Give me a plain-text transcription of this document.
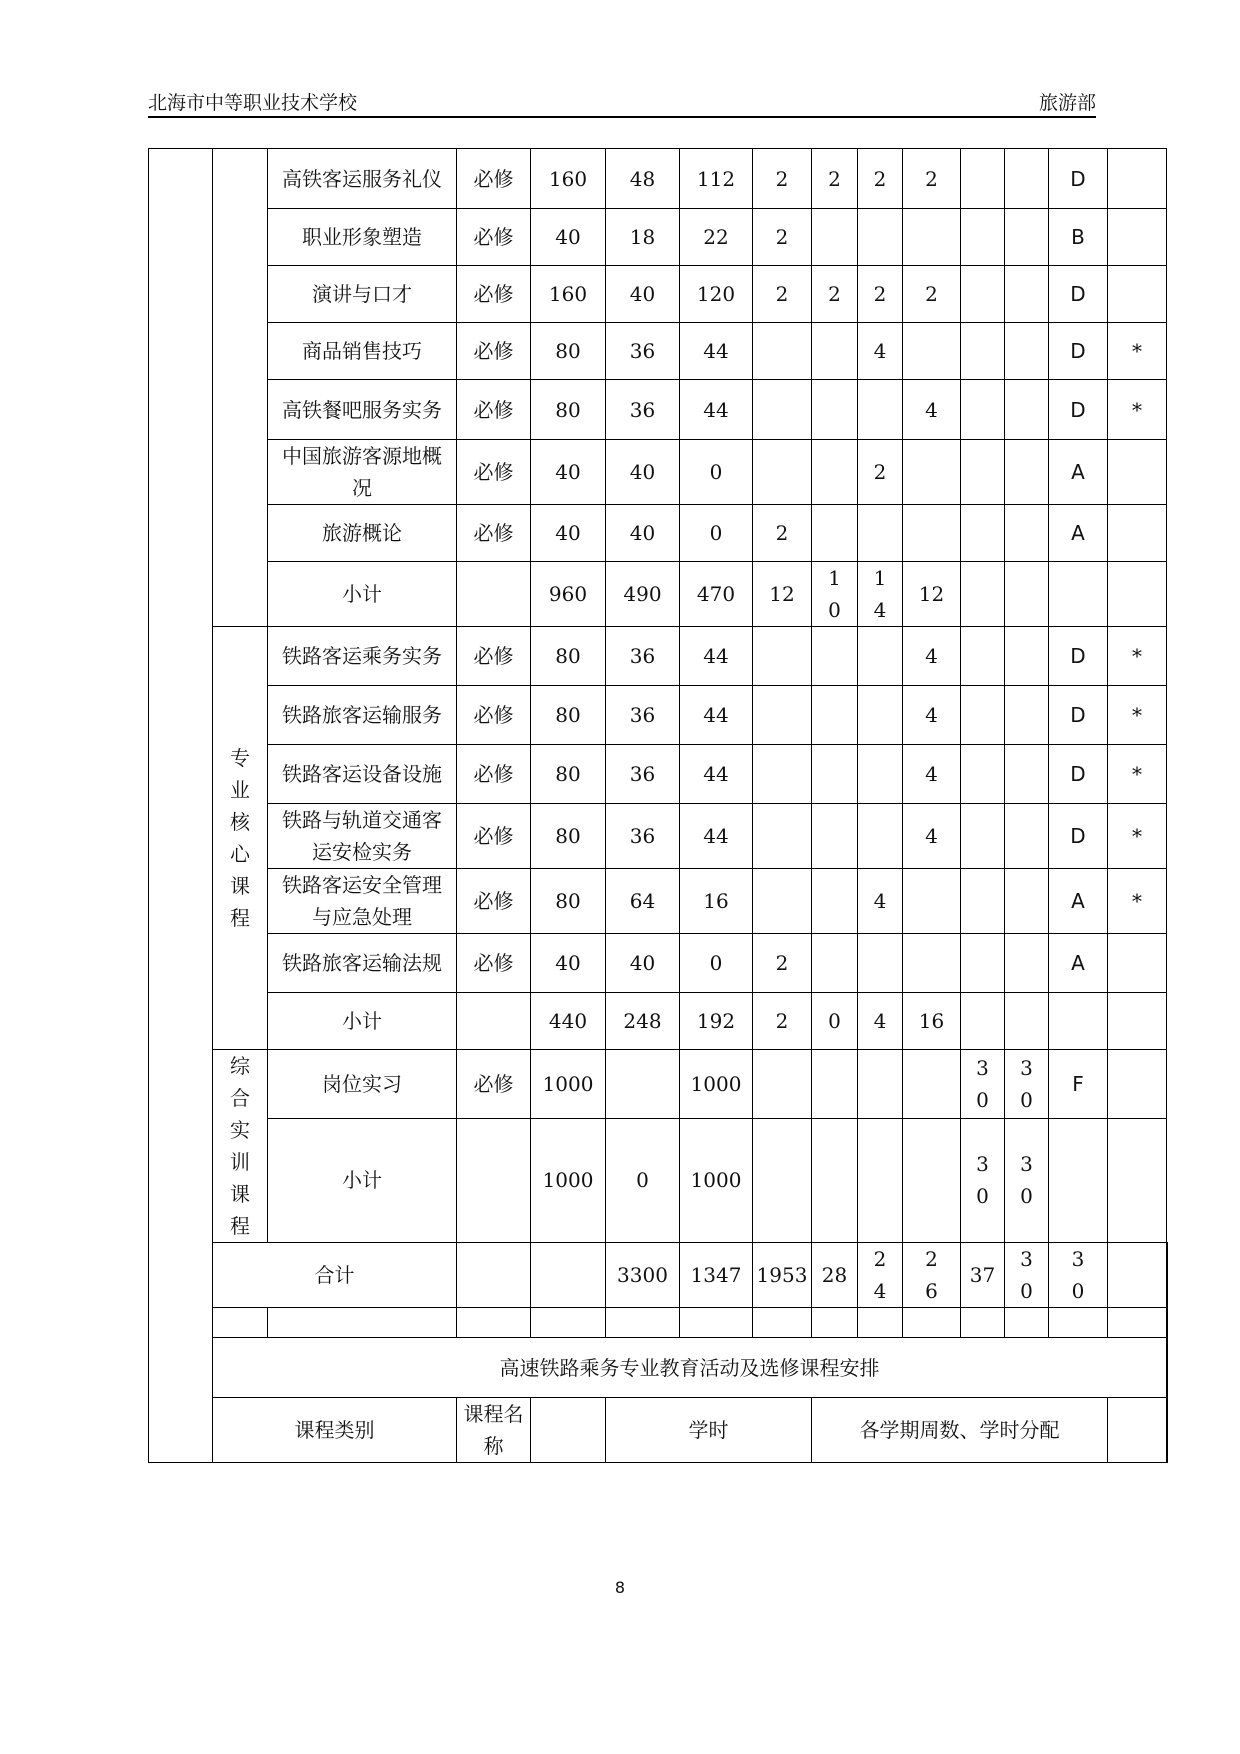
北海市中等职业技术学校	旅游部
		高铁客运服务礼仪	必修	160	48	112	2	2	2	2			D		
		职业形象塑造	必修	40	18	22	2						B		
		演讲与口才	必修	160	40	120	2	2	2	2			D		
		商品销售技巧	必修	80	36	44			4				D	*	
		高铁餐吧服务实务	必修	80	36	44				4			D	*	
		中国旅游客源地概况	必修	40	40	0			2				A		
		旅游概论	必修	40	40	0	2						A		
		小计		960	490	470	12	10	14	12					
	专业核心课程	铁路客运乘务实务	必修	80	36	44				4			D	*	
		铁路旅客运输服务	必修	80	36	44				4			D	*	
		铁路客运设备设施	必修	80	36	44				4			D	*	
		铁路与轨道交通客运安检实务	必修	80	36	44				4			D	*	
		铁路客运安全管理与应急处理	必修	80	64	16			4				A	*	
		铁路旅客运输法规	必修	40	40	0	2						A		
		小计		440	248	192	2	0	4	16					
	综合实训课程	岗位实习	必修	1000		1000					30	30	F		
		小计		1000	0	1000					30	30			
	合计				3300	1347	1953	28	24	26	37	30	30		

	高速铁路乘务专业教育活动及选修课程安排														
	课程类别		课程名称		学时			各学期周数、学时分配							
8
